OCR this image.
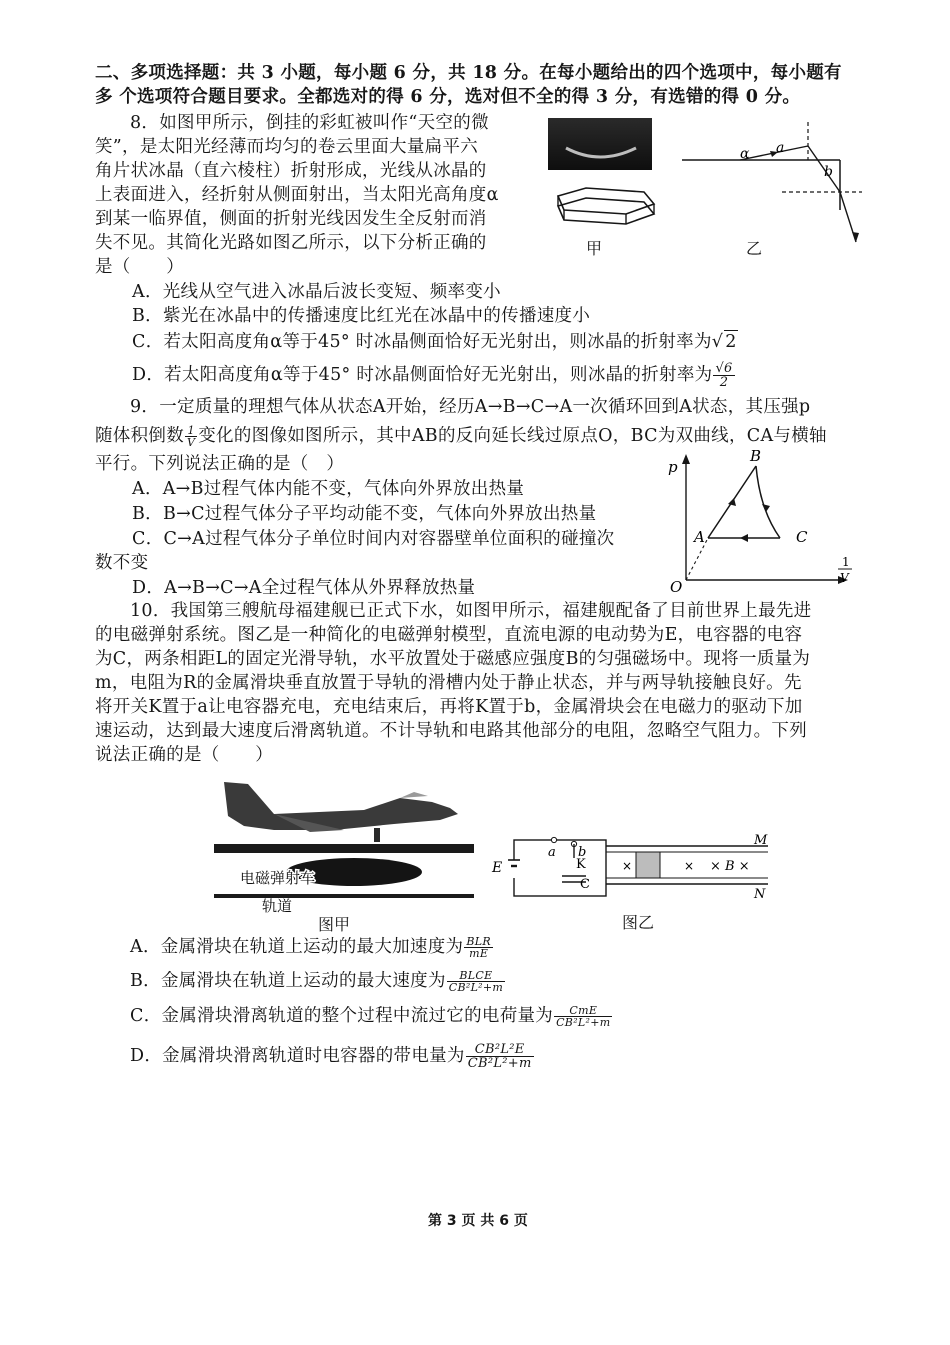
二、多项选择题：共 3 小题，每小题 6 分，共 18 分。在每小题给出的四个选项中，每小题有
多 个选项符合题目要求。全都选对的得 6 分，选对但不全的得 3 分，有选错的得 0 分。
8．如图甲所示，倒挂的彩虹被叫作“天空的微
笑”，是太阳光经薄而均匀的卷云里面大量扁平六
角片状冰晶（直六棱柱）折射形成，光线从冰晶的
上表面进入，经折射从侧面射出，当太阳光高角度α
到某一临界值，侧面的折射光线因发生全反射而消
失不见。其简化光路如图乙所示，以下分析正确的
是（　　）
甲
α a
b
乙
A．光线从空气进入冰晶后波长变短、频率变小
B．紫光在冰晶中的传播速度比红光在冰晶中的传播速度小
C．若太阳高度角α等于45° 时冰晶侧面恰好无光射出，则冰晶的折射率为√ 2
D．若太阳高度角α等于45° 时冰晶侧面恰好无光射出，则冰晶的折射率为 $\frac{√6}{2}$
9．一定质量的理想气体从状态A开始，经历A→B→C→A一次循环回到A状态，其压强p
随体积倒数 $\frac{1}{V}$ 变化的图像如图所示，其中AB的反向延长线过原点O，BC为双曲线，CA与横轴
平行。下列说法正确的是（　）
A．A→B过程气体内能不变，气体向外界放出热量
B．B→C过程气体分子平均动能不变，气体向外界放出热量
C．C→A过程气体分子单位时间内对容器壁单位面积的碰撞次
数不变
D．A→B→C→A全过程气体从外界释放热量
p
B
A	C
O
1
V
10．我国第三艘航母福建舰已正式下水，如图甲所示，福建舰配备了目前世界上最先进
的电磁弹射系统。图乙是一种简化的电磁弹射模型，直流电源的电动势为E，电容器的电容
为C，两条相距L的固定光滑导轨，水平放置处于磁感应强度B的匀强磁场中。现将一质量为
m，电阻为R的金属滑块垂直放置于导轨的滑槽内处于静止状态，并与两导轨接触良好。先
将开关K置于a让电容器充电，充电结束后，再将K置于b，金属滑块会在电磁力的驱动下加
速运动，达到最大速度后滑离轨道。不计导轨和电路其他部分的电阻，忽略空气阻力。下列
说法正确的是（　　）
电磁弹射车
轨道
图甲
E
a b
K
C
×	× × B ×
M
N
图乙
A．金属滑块在轨道上运动的最大加速度为 $\frac{\text{BLR}}{mE}$
B．金属滑块在轨道上运动的最大速度为 $\frac{\text{BLCE}}{\text{CB²L²+m}}$
C．金属滑块滑离轨道的整个过程中流过它的电荷量为 $\frac{\text{CmE}}{\text{CB²L²+m}}$
D．金属滑块滑离轨道时电容器的带电量为 $\frac{\text{CB²L²E}}{\text{CB²L²+m}}$
第 3 页 共 6 页
